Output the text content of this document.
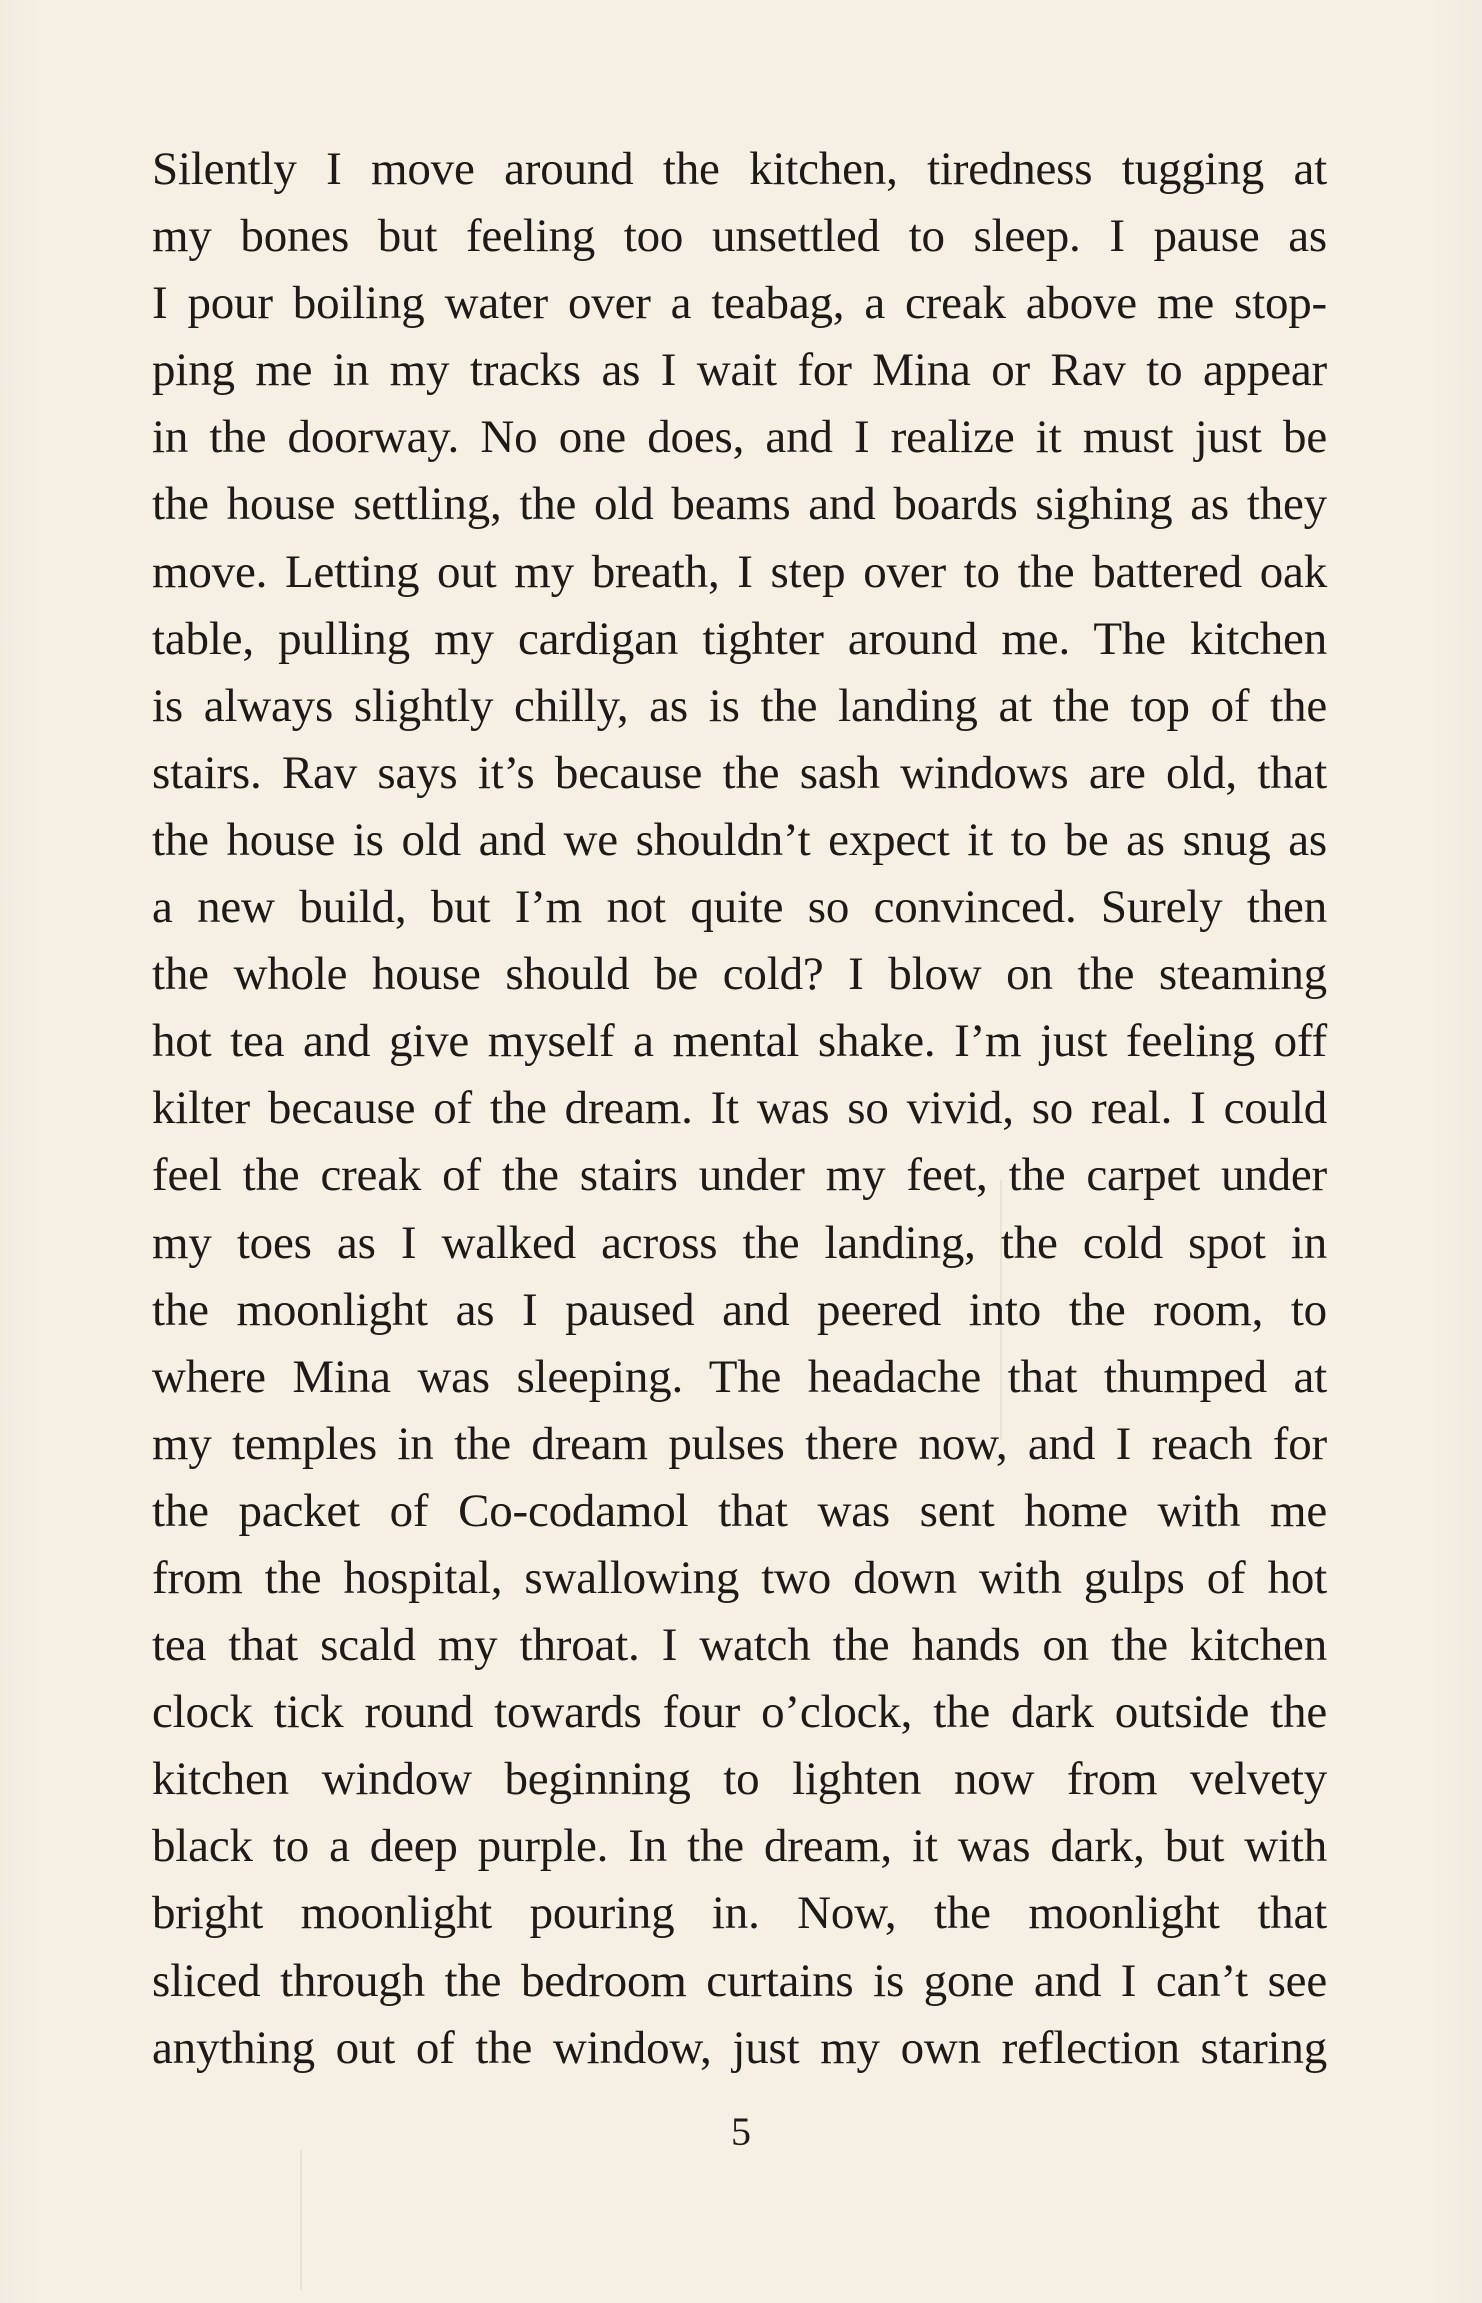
Silently I move around the kitchen, tiredness tugging at
my bones but feeling too unsettled to sleep. I pause as
I pour boiling water over a teabag, a creak above me stop-
ping me in my tracks as I wait for Mina or Rav to appear
in the doorway. No one does, and I realize it must just be
the house settling, the old beams and boards sighing as they
move. Letting out my breath, I step over to the battered oak
table, pulling my cardigan tighter around me. The kitchen
is always slightly chilly, as is the landing at the top of the
stairs. Rav says it’s because the sash windows are old, that
the house is old and we shouldn’t expect it to be as snug as
a new build, but I’m not quite so convinced. Surely then
the whole house should be cold? I blow on the steaming
hot tea and give myself a mental shake. I’m just feeling off
kilter because of the dream. It was so vivid, so real. I could
feel the creak of the stairs under my feet, the carpet under
my toes as I walked across the landing, the cold spot in
the moonlight as I paused and peered into the room, to
where Mina was sleeping. The headache that thumped at
my temples in the dream pulses there now, and I reach for
the packet of Co-codamol that was sent home with me
from the hospital, swallowing two down with gulps of hot
tea that scald my throat. I watch the hands on the kitchen
clock tick round towards four o’clock, the dark outside the
kitchen window beginning to lighten now from velvety
black to a deep purple. In the dream, it was dark, but with
bright moonlight pouring in. Now, the moonlight that
sliced through the bedroom curtains is gone and I can’t see
anything out of the window, just my own reflection staring
5
